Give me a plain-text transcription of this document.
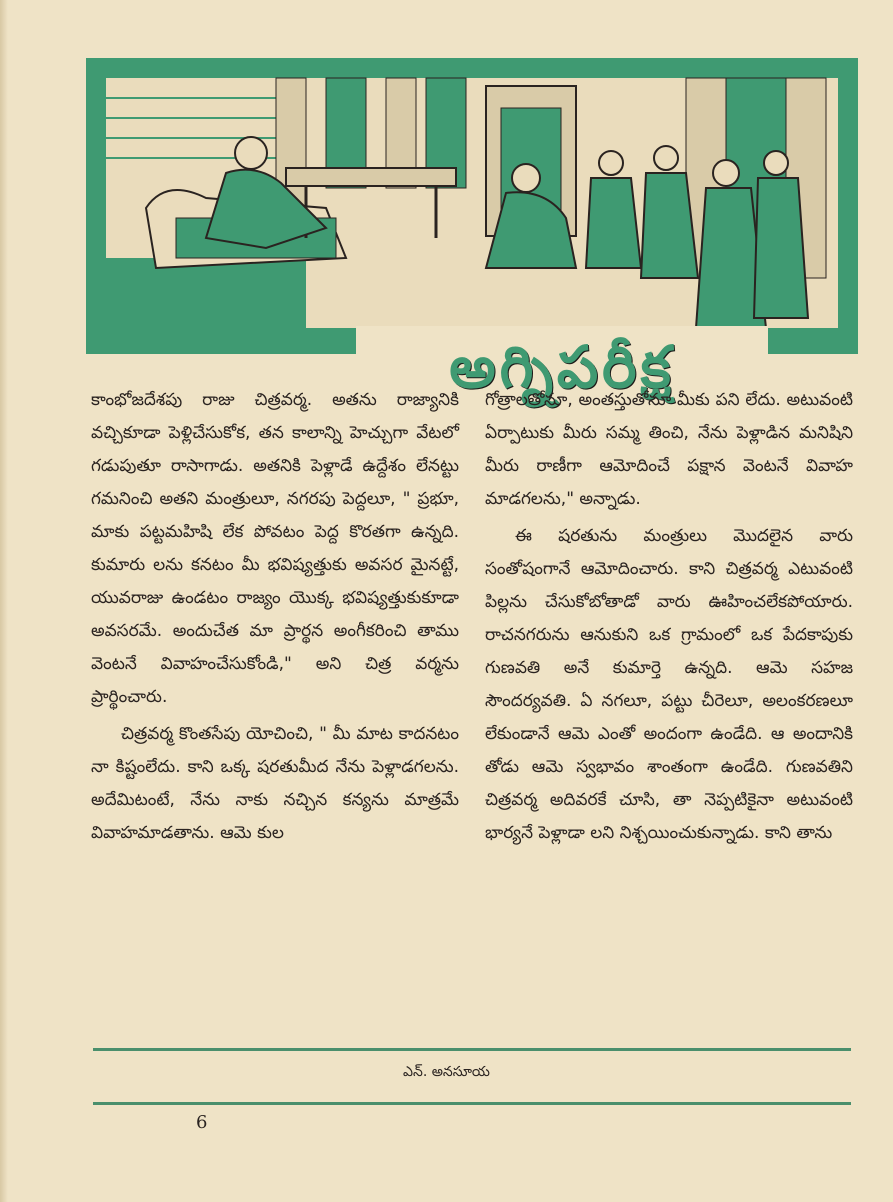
అగ్నిపరీక్ష

కాంభోజదేశపు రాజు చిత్రవర్మ. అతను రాజ్యానికి వచ్చికూడా పెళ్లిచేసుకోక, తన కాలాన్ని హెచ్చుగా వేటలో గడుపుతూ రాసాగాడు. అతనికి పెళ్లాడే ఉద్దేశం లేనట్టు గమనించి అతని మంత్రులూ, నగరపు పెద్దలూ, " ప్రభూ, మాకు పట్టమహిషి లేక పోవటం పెద్ద కొరతగా ఉన్నది. కుమారు లను కనటం మీ భవిష్యత్తుకు అవసర మైనట్టే, యువరాజు ఉండటం రాజ్యం యొక్క భవిష్యత్తుకుకూడా అవసరమే. అందుచేత మా ప్రార్థన అంగీకరించి తాము వెంటనే వివాహంచేసుకోండి," అని చిత్ర వర్మను ప్రార్థించారు.

చిత్రవర్మ కొంతసేపు యోచించి, " మీ మాట కాదనటం నా కిష్టంలేదు. కాని ఒక్క షరతుమీద నేను పెళ్లాడగలను. అదేమిటంటే, నేను నాకు నచ్చిన కన్యను మాత్రమే వివాహమాడతాను. ఆమె కుల

గోత్రాలతోనూ, అంతస్తుతోనూ మీకు పని లేదు. అటువంటి ఏర్పాటుకు మీరు సమ్మ తించి, నేను పెళ్లాడిన మనిషిని మీరు రాణీగా ఆమోదించే పక్షాన వెంటనే వివాహ మాడగలను," అన్నాడు.

ఈ షరతును మంత్రులు మొదలైన వారు సంతోషంగానే ఆమోదించారు. కాని చిత్రవర్మ ఎటువంటి పిల్లను చేసుకోబోతాడో వారు ఊహించలేకపోయారు. రాచనగరును ఆనుకుని ఒక గ్రామంలో ఒక పేదకాపుకు గుణవతి అనే కుమార్తె ఉన్నది. ఆమె సహజ సౌందర్యవతి. ఏ నగలూ, పట్టు చీరెలూ, అలంకరణలూ లేకుండానే ఆమె ఎంతో అందంగా ఉండేది. ఆ అందానికి తోడు ఆమె స్వభావం శాంతంగా ఉండేది. గుణవతిని చిత్రవర్మ అదివరకే చూసి, తా నెప్పటికైనా అటువంటి భార్యనే పెళ్లాడా లని నిశ్చయించుకున్నాడు. కాని తాను

ఎన్. అనసూయ
6
